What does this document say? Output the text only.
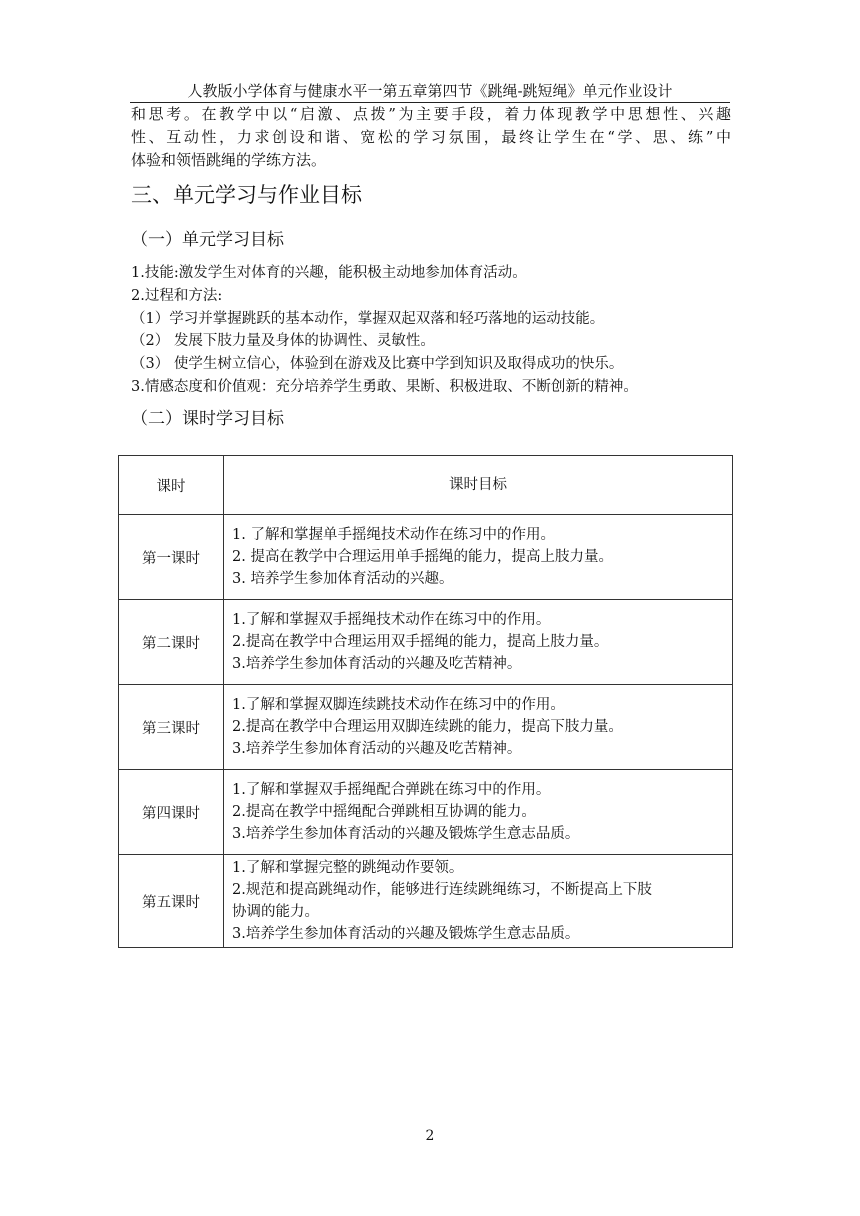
人教版小学体育与健康水平一第五章第四节《跳绳-跳短绳》单元作业设计
和思考。在教学中以“启激、点拨”为主要手段，着力体现教学中思想性、兴趣
性、互动性，力求创设和谐、宽松的学习氛围，最终让学生在“学、思、练”中
体验和领悟跳绳的学练方法。
三、单元学习与作业目标
（一）单元学习目标
1.技能:激发学生对体育的兴趣，能积极主动地参加体育活动。
2.过程和方法:
（1）学习并掌握跳跃的基本动作，掌握双起双落和轻巧落地的运动技能。
（2） 发展下肢力量及身体的协调性、灵敏性。
（3） 使学生树立信心，体验到在游戏及比赛中学到知识及取得成功的快乐。
3.情感态度和价值观：充分培养学生勇敢、果断、积极进取、不断创新的精神。
（二）课时学习目标
课时	课时目标
第一课时	1. 了解和掌握单手摇绳技术动作在练习中的作用。
2. 提高在教学中合理运用单手摇绳的能力，提高上肢力量。
3. 培养学生参加体育活动的兴趣。

第二课时	1.了解和掌握双手摇绳技术动作在练习中的作用。
2.提高在教学中合理运用双手摇绳的能力，提高上肢力量。
3.培养学生参加体育活动的兴趣及吃苦精神。

第三课时	1.了解和掌握双脚连续跳技术动作在练习中的作用。
2.提高在教学中合理运用双脚连续跳的能力，提高下肢力量。
3.培养学生参加体育活动的兴趣及吃苦精神。

第四课时	1.了解和掌握双手摇绳配合弹跳在练习中的作用。
2.提高在教学中摇绳配合弹跳相互协调的能力。
3.培养学生参加体育活动的兴趣及锻炼学生意志品质。

第五课时	1.了解和掌握完整的跳绳动作要领。
2.规范和提高跳绳动作，能够进行连续跳绳练习，不断提高上下肢
协调的能力。
3.培养学生参加体育活动的兴趣及锻炼学生意志品质。
2
